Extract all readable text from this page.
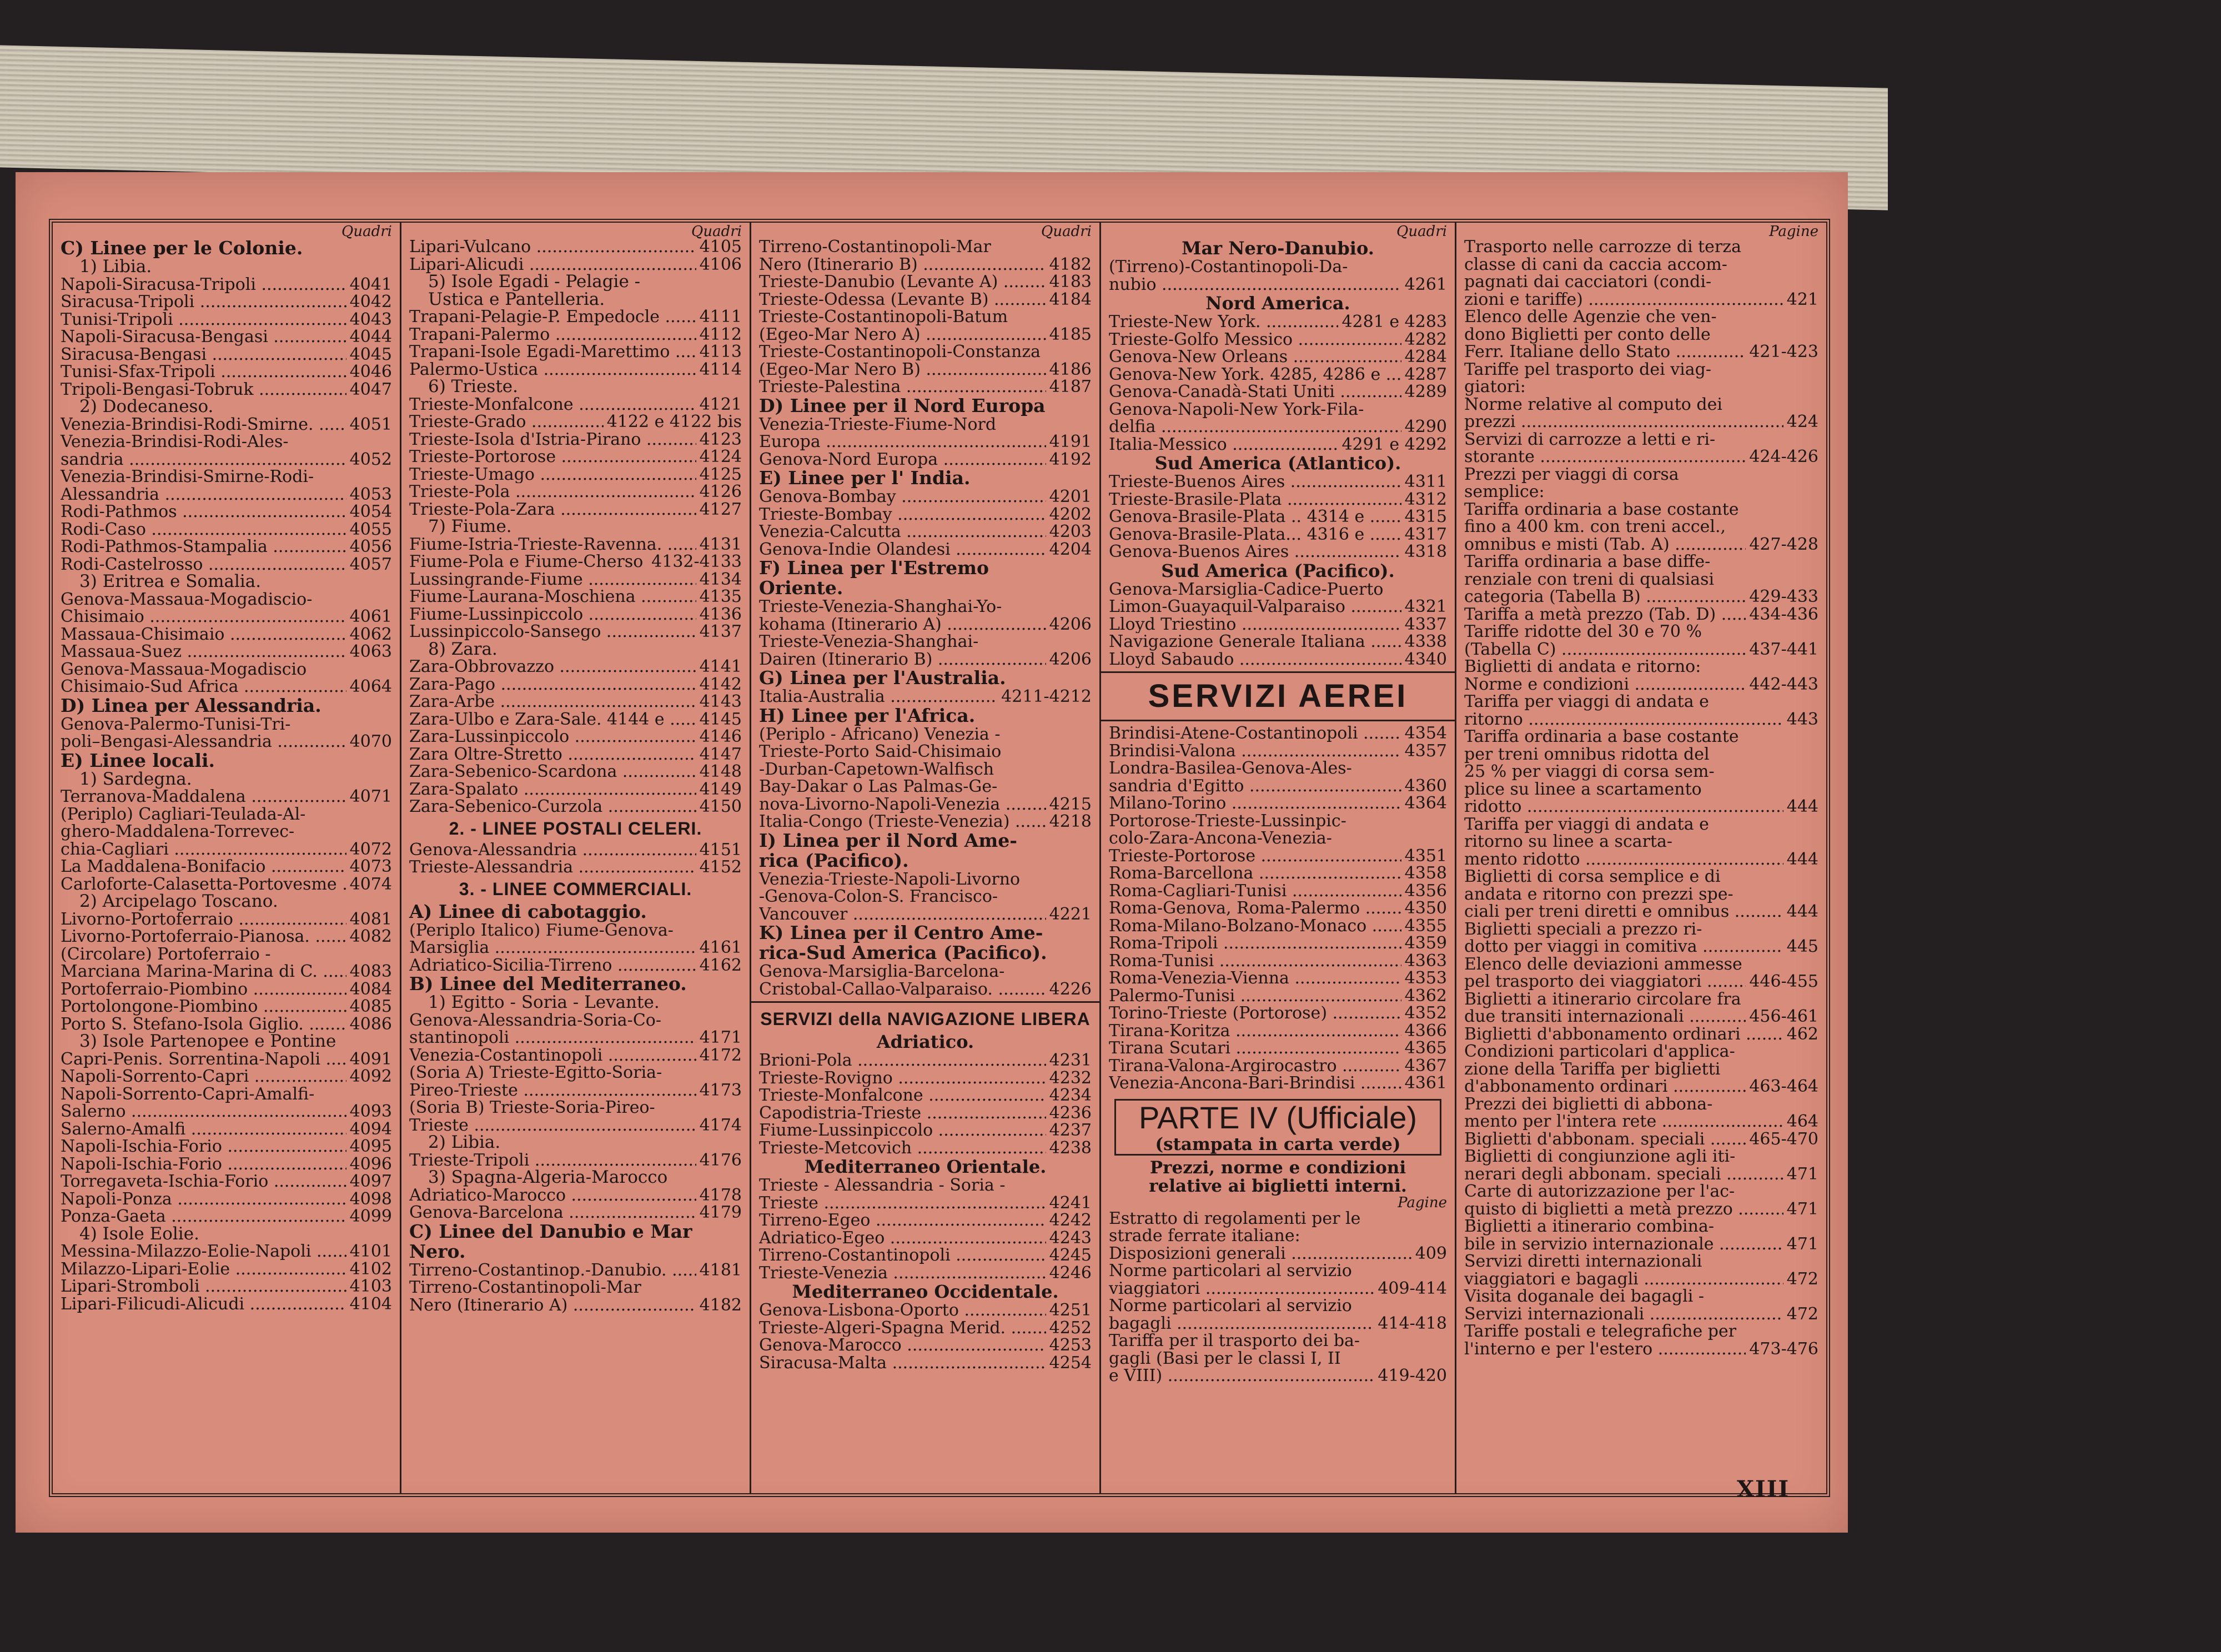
Quadri
C) Linee per le Colonie.
1) Libia.
Napoli-Siracusa-Tripoli .....	4041
Siracusa-Tripoli .....	4042
Tunisi-Tripoli .....	4043
Napoli-Siracusa-Bengasi .....	4044
Siracusa-Bengasi .....	4045
Tunisi-Sfax-Tripoli .....	4046
Tripoli-Bengasi-Tobruk .....	4047
2) Dodecaneso.
Venezia-Brindisi-Rodi-Smirne. .....	4051
Venezia-Brindisi-Rodi-Ales-
sandria .....	4052
Venezia-Brindisi-Smirne-Rodi-
Alessandria .....	4053
Rodi-Pathmos .....	4054
Rodi-Caso .....	4055
Rodi-Pathmos-Stampalia .....	4056
Rodi-Castelrosso .....	4057
3) Eritrea e Somalia.
Genova-Massaua-Mogadiscio-
Chisimaio .....	4061
Massaua-Chisimaio .....	4062
Massaua-Suez .....	4063
Genova-Massaua-Mogadiscio
Chisimaio-Sud Africa .....	4064
D) Linea per Alessandria.
Genova-Palermo-Tunisi-Tri-
poli–Bengasi-Alessandria .....	4070
E) Linee locali.
1) Sardegna.
Terranova-Maddalena .....	4071
(Periplo) Cagliari-Teulada-Al-
ghero-Maddalena-Torrevec-
chia-Cagliari .....	4072
La Maddalena-Bonifacio .....	4073
Carloforte-Calasetta-Portovesme ..... 4074
2) Arcipelago Toscano.
Livorno-Portoferraio .....	4081
Livorno-Portoferraio-Pianosa. .....	4082
(Circolare) Portoferraio -
Marciana Marina-Marina di C. .....	4083
Portoferraio-Piombino .....	4084
Portolongone-Piombino .....	4085
Porto S. Stefano-Isola Giglio. .....	4086
3) Isole Partenopee e Pontine
Capri-Penis. Sorrentina-Napoli .....	4091
Napoli-Sorrento-Capri .....	4092
Napoli-Sorrento-Capri-Amalfi-
Salerno .....	4093
Salerno-Amalfi .....	4094
Napoli-Ischia-Forio .....	4095
Napoli-Ischia-Forio .....	4096
Torregaveta-Ischia-Forio .....	4097
Napoli-Ponza .....	4098
Ponza-Gaeta .....	4099
4) Isole Eolie.
Messina-Milazzo-Eolie-Napoli .....	4101
Milazzo-Lipari-Eolie .....	4102
Lipari-Stromboli .....	4103
Lipari-Filicudi-Alicudi .....	4104
Quadri
Lipari-Vulcano .....	4105
Lipari-Alicudi .....	4106
5) Isole Egadi - Pelagie -
Ustica e Pantelleria.
Trapani-Pelagie-P. Empedocle .....	4111
Trapani-Palermo .....	4112
Trapani-Isole Egadi-Marettimo .....	4113
Palermo-Ustica .....	4114
6) Trieste.
Trieste-Monfalcone .....	4121
Trieste-Grado .....	4122 e 4122 bis
Trieste-Isola d'Istria-Pirano .....	4123
Trieste-Portorose .....	4124
Trieste-Umago .....	4125
Trieste-Pola .....	4126
Trieste-Pola-Zara .....	4127
7) Fiume.
Fiume-Istria-Trieste-Ravenna. .....	4131
Fiume-Pola e Fiume-Cherso ..... 4132-4133
Lussingrande-Fiume .....	4134
Fiume-Laurana-Moschiena .....	4135
Fiume-Lussinpiccolo .....	4136
Lussinpiccolo-Sansego .....	4137
8) Zara.
Zara-Obbrovazzo .....	4141
Zara-Pago .....	4142
Zara-Arbe .....	4143
Zara-Ulbo e Zara-Sale. 4144 e .....	4145
Zara-Lussinpiccolo .....	4146
Zara Oltre-Stretto .....	4147
Zara-Sebenico-Scardona .....	4148
Zara-Spalato .....	4149
Zara-Sebenico-Curzola .....	4150
2. - LINEE POSTALI CELERI.
Genova-Alessandria .....	4151
Trieste-Alessandria .....	4152
3. - LINEE COMMERCIALI.
A) Linee di cabotaggio.
(Periplo Italico) Fiume-Genova-
Marsiglia .....	4161
Adriatico-Sicilia-Tirreno .....	4162
B) Linee del Mediterraneo.
1) Egitto - Soria - Levante.
Genova-Alessandria-Soria-Co-
stantinopoli .....	4171
Venezia-Costantinopoli .....	4172
(Soria A) Trieste-Egitto-Soria-
Pireo-Trieste .....	4173
(Soria B) Trieste-Soria-Pireo-
Trieste .....	4174
2) Libia.
Trieste-Tripoli .....	4176
3) Spagna-Algeria-Marocco
Adriatico-Marocco .....	4178
Genova-Barcelona .....	4179
C) Linee del Danubio e Mar
Nero.
Tirreno-Costantinop.-Danubio. .....	4181
Tirreno-Costantinopoli-Mar
Nero (Itinerario A) .....	4182
Quadri
Tirreno-Costantinopoli-Mar
Nero (Itinerario B) .....	4182
Trieste-Danubio (Levante A) .....	4183
Trieste-Odessa (Levante B) .....	4184
Trieste-Costantinopoli-Batum
(Egeo-Mar Nero A) .....	4185
Trieste-Costantinopoli-Constanza
(Egeo-Mar Nero B) .....	4186
Trieste-Palestina .....	4187
D) Linee per il Nord Europa
Venezia-Trieste-Fiume-Nord
Europa .....	4191
Genova-Nord Europa .....	4192
E) Linee per l' India.
Genova-Bombay .....	4201
Trieste-Bombay .....	4202
Venezia-Calcutta .....	4203
Genova-Indie Olandesi .....	4204
F) Linea per l'Estremo
Oriente.
Trieste-Venezia-Shanghai-Yo-
kohama (Itinerario A) .....	4206
Trieste-Venezia-Shanghai-
Dairen (Itinerario B) .....	4206
G) Linea per l'Australia.
Italia-Australia .....	4211-4212
H) Linee per l'Africa.
(Periplo - Africano) Venezia -
Trieste-Porto Said-Chisimaio
-Durban-Capetown-Walfisch
Bay-Dakar o Las Palmas-Ge-
nova-Livorno-Napoli-Venezia .....	4215
Italia-Congo (Trieste-Venezia) .....	4218
I) Linea per il Nord Ame-
rica (Pacifico).
Venezia-Trieste-Napoli-Livorno
-Genova-Colon-S. Francisco-
Vancouver .....	4221
K) Linea per il Centro Ame-
rica-Sud America (Pacifico).
Genova-Marsiglia-Barcelona-
Cristobal-Callao-Valparaiso. .....	4226
SERVIZI della NAVIGAZIONE LIBERA
Adriatico.
Brioni-Pola .....	4231
Trieste-Rovigno .....	4232
Trieste-Monfalcone .....	4234
Capodistria-Trieste .....	4236
Fiume-Lussinpiccolo .....	4237
Trieste-Metcovich .....	4238
Mediterraneo Orientale.
Trieste - Alessandria - Soria -
Trieste .....	4241
Tirreno-Egeo .....	4242
Adriatico-Egeo .....	4243
Tirreno-Costantinopoli .....	4245
Trieste-Venezia .....	4246
Mediterraneo Occidentale.
Genova-Lisbona-Oporto .....	4251
Trieste-Algeri-Spagna Merid. .....	4252
Genova-Marocco .....	4253
Siracusa-Malta .....	4254
Quadri
Mar Nero-Danubio.
(Tirreno)-Costantinopoli-Da-
nubio .....	4261
Nord America.
Trieste-New York. .....	4281 e 4283
Trieste-Golfo Messico .....	4282
Genova-New Orleans .....	4284
Genova-New York. 4285, 4286 e .....	4287
Genova-Canadà-Stati Uniti .....	4289
Genova-Napoli-New York-Fila-
delfia .....	4290
Italia-Messico .....	4291 e 4292
Sud America (Atlantico).
Trieste-Buenos Aires .....	4311
Trieste-Brasile-Plata .....	4312
Genova-Brasile-Plata .. 4314 e .....	4315
Genova-Brasile-Plata... 4316 e .....	4317
Genova-Buenos Aires .....	4318
Sud America (Pacifico).
Genova-Marsiglia-Cadice-Puerto
Limon-Guayaquil-Valparaiso .....	4321
Lloyd Triestino .....	4337
Navigazione Generale Italiana .....	4338
Lloyd Sabaudo .....	4340
SERVIZI AEREI
Brindisi-Atene-Costantinopoli .....	4354
Brindisi-Valona .....	4357
Londra-Basilea-Genova-Ales-
sandria d'Egitto .....	4360
Milano-Torino .....	4364
Portorose-Trieste-Lussinpic-
colo-Zara-Ancona-Venezia-
Trieste-Portorose .....	4351
Roma-Barcellona .....	4358
Roma-Cagliari-Tunisi .....	4356
Roma-Genova, Roma-Palermo .....	4350
Roma-Milano-Bolzano-Monaco .....	4355
Roma-Tripoli .....	4359
Roma-Tunisi .....	4363
Roma-Venezia-Vienna .....	4353
Palermo-Tunisi .....	4362
Torino-Trieste (Portorose) .....	4352
Tirana-Koritza .....	4366
Tirana Scutari .....	4365
Tirana-Valona-Argirocastro .....	4367
Venezia-Ancona-Bari-Brindisi .....	4361
PARTE IV (Ufficiale)
(stampata in carta verde)
Prezzi, norme e condizioni
relative ai biglietti interni.
Pagine
Estratto di regolamenti per le
strade ferrate italiane:
Disposizioni generali .....	409
Norme particolari al servizio
viaggiatori .....	409-414
Norme particolari al servizio
bagagli .....	414-418
Tariffa per il trasporto dei ba-
gagli (Basi per le classi I, II
e VIII) .....	419-420
Pagine
Trasporto nelle carrozze di terza
classe di cani da caccia accom-
pagnati dai cacciatori (condi-
zioni e tariffe) .....	421
Elenco delle Agenzie che ven-
dono Biglietti per conto delle
Ferr. Italiane dello Stato .....	421-423
Tariffe pel trasporto dei viag-
giatori:
Norme relative al computo dei
prezzi .....	424
Servizi di carrozze a letti e ri-
storante .....	424-426
Prezzi per viaggi di corsa
semplice:
Tariffa ordinaria a base costante
fino a 400 km. con treni accel.,
omnibus e misti (Tab. A) .....	427-428
Tariffa ordinaria a base diffe-
renziale con treni di qualsiasi
categoria (Tabella B) .....	429-433
Tariffa a metà prezzo (Tab. D) .....	434-436
Tariffe ridotte del 30 e 70 %
(Tabella C) .....	437-441
Biglietti di andata e ritorno:
Norme e condizioni .....	442-443
Tariffa per viaggi di andata e
ritorno .....	443
Tariffa ordinaria a base costante
per treni omnibus ridotta del
25 % per viaggi di corsa sem-
plice su linee a scartamento
ridotto .....	444
Tariffa per viaggi di andata e
ritorno su linee a scarta-
mento ridotto .....	444
Biglietti di corsa semplice e di
andata e ritorno con prezzi spe-
ciali per treni diretti e omnibus .....	444
Biglietti speciali a prezzo ri-
dotto per viaggi in comitiva .....	445
Elenco delle deviazioni ammesse
pel trasporto dei viaggiatori .....	446-455
Biglietti a itinerario circolare fra
due transiti internazionali .....	456-461
Biglietti d'abbonamento ordinari .....	462
Condizioni particolari d'applica-
zione della Tariffa per biglietti
d'abbonamento ordinari .....	463-464
Prezzi dei biglietti di abbona-
mento per l'intera rete .....	464
Biglietti d'abbonam. speciali .....	465-470
Biglietti di congiunzione agli iti-
nerari degli abbonam. speciali .....	471
Carte di autorizzazione per l'ac-
quisto di biglietti a metà prezzo .....	471
Biglietti a itinerario combina-
bile in servizio internazionale .....	471
Servizi diretti internazionali
viaggiatori e bagagli .....	472
Visita doganale dei bagagli -
Servizi internazionali .....	472
Tariffe postali e telegrafiche per
l'interno e per l'estero .....	473-476
XIII
